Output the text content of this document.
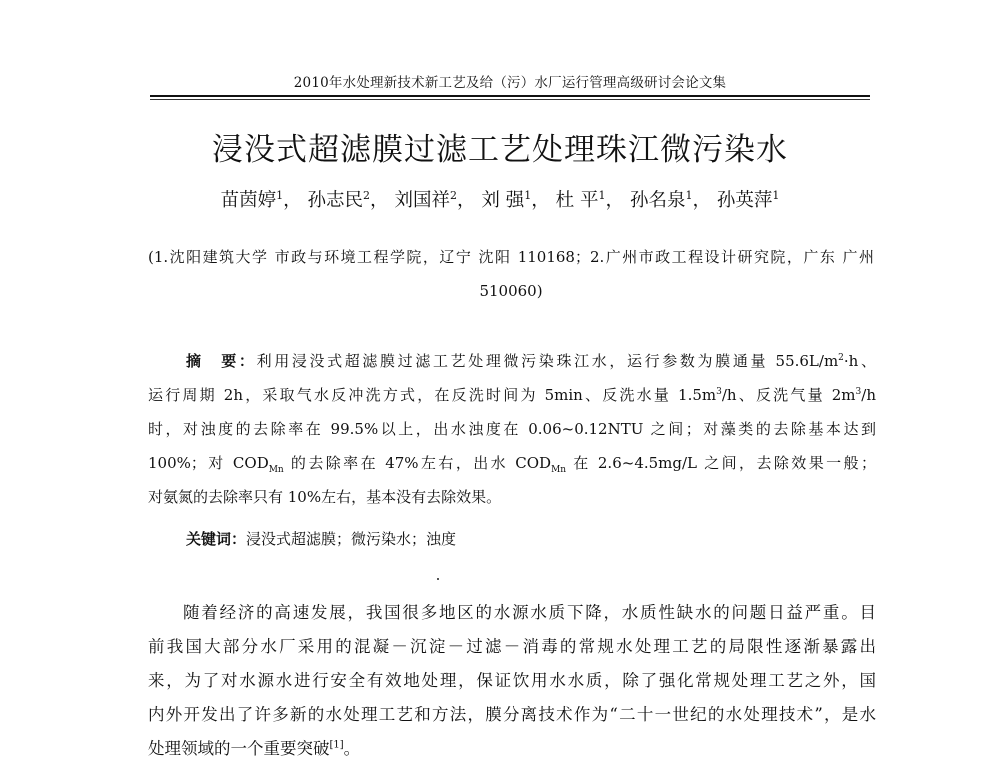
2010年水处理新技术新工艺及给（污）水厂运行管理高级研讨会论文集
浸没式超滤膜过滤工艺处理珠江微污染水
苗茵婷$^1$， 孙志民$^2$， 刘国祥$^2$， 刘 强$^1$， 杜 平$^1$， 孙名泉$^1$， 孙英萍$^1$
(1.沈阳建筑大学 市政与环境工程学院，辽宁 沈阳 110168；2.广州市政工程设计研究院，广东 广州 510060)
摘　要：利用浸没式超滤膜过滤工艺处理微污染珠江水，运行参数为膜通量 $55.6L/m^2\cdot h$、
运行周期 2h，采取气水反冲洗方式，在反洗时间为 5min、反洗水量 $1.5m^3/h$、反洗气量 $2m^3/h$
时，对浊度的去除率在 99.5%以上，出水浊度在 0.06~0.12NTU 之间；对藻类的去除基本达到
100%；对 $COD_{Mn}$ 的去除率在 47%左右，出水 $COD_{Mn}$ 在 2.6~4.5mg/L 之间，去除效果一般；
对氨氮的去除率只有 10%左右，基本没有去除效果。
关键词：浸没式超滤膜；微污染水；浊度
随着经济的高速发展，我国很多地区的水源水质下降，水质性缺水的问题日益严重。目
前我国大部分水厂采用的混凝－沉淀－过滤－消毒的常规水处理工艺的局限性逐渐暴露出
来，为了对水源水进行安全有效地处理，保证饮用水水质，除了强化常规处理工艺之外，国
内外开发出了许多新的水处理工艺和方法，膜分离技术作为“二十一世纪的水处理技术”，是水
处理领域的一个重要突破[1]。
